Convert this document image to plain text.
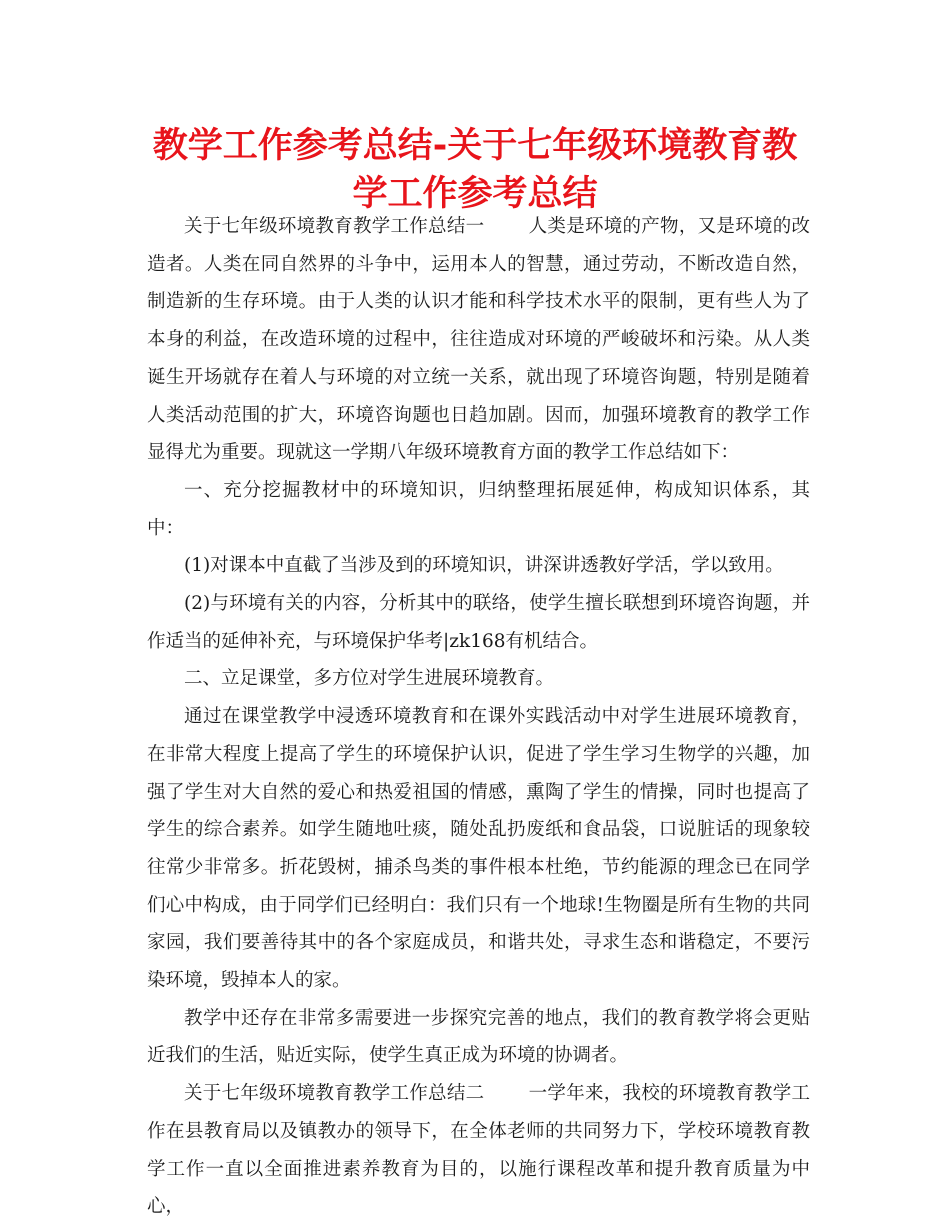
教学工作参考总结-关于七年级环境教育教学工作参考总结

关于七年级环境教育教学工作总结一 人类是环境的产物，又是环境的改造者。人类在同自然界的斗争中，运用本人的智慧，通过劳动，不断改造自然，制造新的生存环境。由于人类的认识才能和科学技术水平的限制，更有些人为了本身的利益，在改造环境的过程中，往往造成对环境的严峻破坏和污染。从人类诞生开场就存在着人与环境的对立统一关系，就出现了环境咨询题，特别是随着人类活动范围的扩大，环境咨询题也日趋加剧。因而，加强环境教育的教学工作显得尤为重要。现就这一学期八年级环境教育方面的教学工作总结如下：

一、充分挖掘教材中的环境知识，归纳整理拓展延伸，构成知识体系，其中：

(1)对课本中直截了当涉及到的环境知识，讲深讲透教好学活，学以致用。

(2)与环境有关的内容，分析其中的联络，使学生擅长联想到环境咨询题，并作适当的延伸补充，与环境保护华考|zk168有机结合。

二、立足课堂，多方位对学生进展环境教育。

通过在课堂教学中浸透环境教育和在课外实践活动中对学生进展环境教育，在非常大程度上提高了学生的环境保护认识，促进了学生学习生物学的兴趣，加强了学生对大自然的爱心和热爱祖国的情感，熏陶了学生的情操，同时也提高了学生的综合素养。如学生随地吐痰，随处乱扔废纸和食品袋，口说脏话的现象较往常少非常多。折花毁树，捕杀鸟类的事件根本杜绝，节约能源的理念已在同学们心中构成，由于同学们已经明白：我们只有一个地球!生物圈是所有生物的共同家园，我们要善待其中的各个家庭成员，和谐共处，寻求生态和谐稳定，不要污染环境，毁掉本人的家。

教学中还存在非常多需要进一步探究完善的地点，我们的教育教学将会更贴近我们的生活，贴近实际，使学生真正成为环境的协调者。

关于七年级环境教育教学工作总结二 一学年来，我校的环境教育教学工作在县教育局以及镇教办的领导下，在全体老师的共同努力下，学校环境教育教学工作一直以全面推进素养教育为目的，以施行课程改革和提升教育质量为中心，
